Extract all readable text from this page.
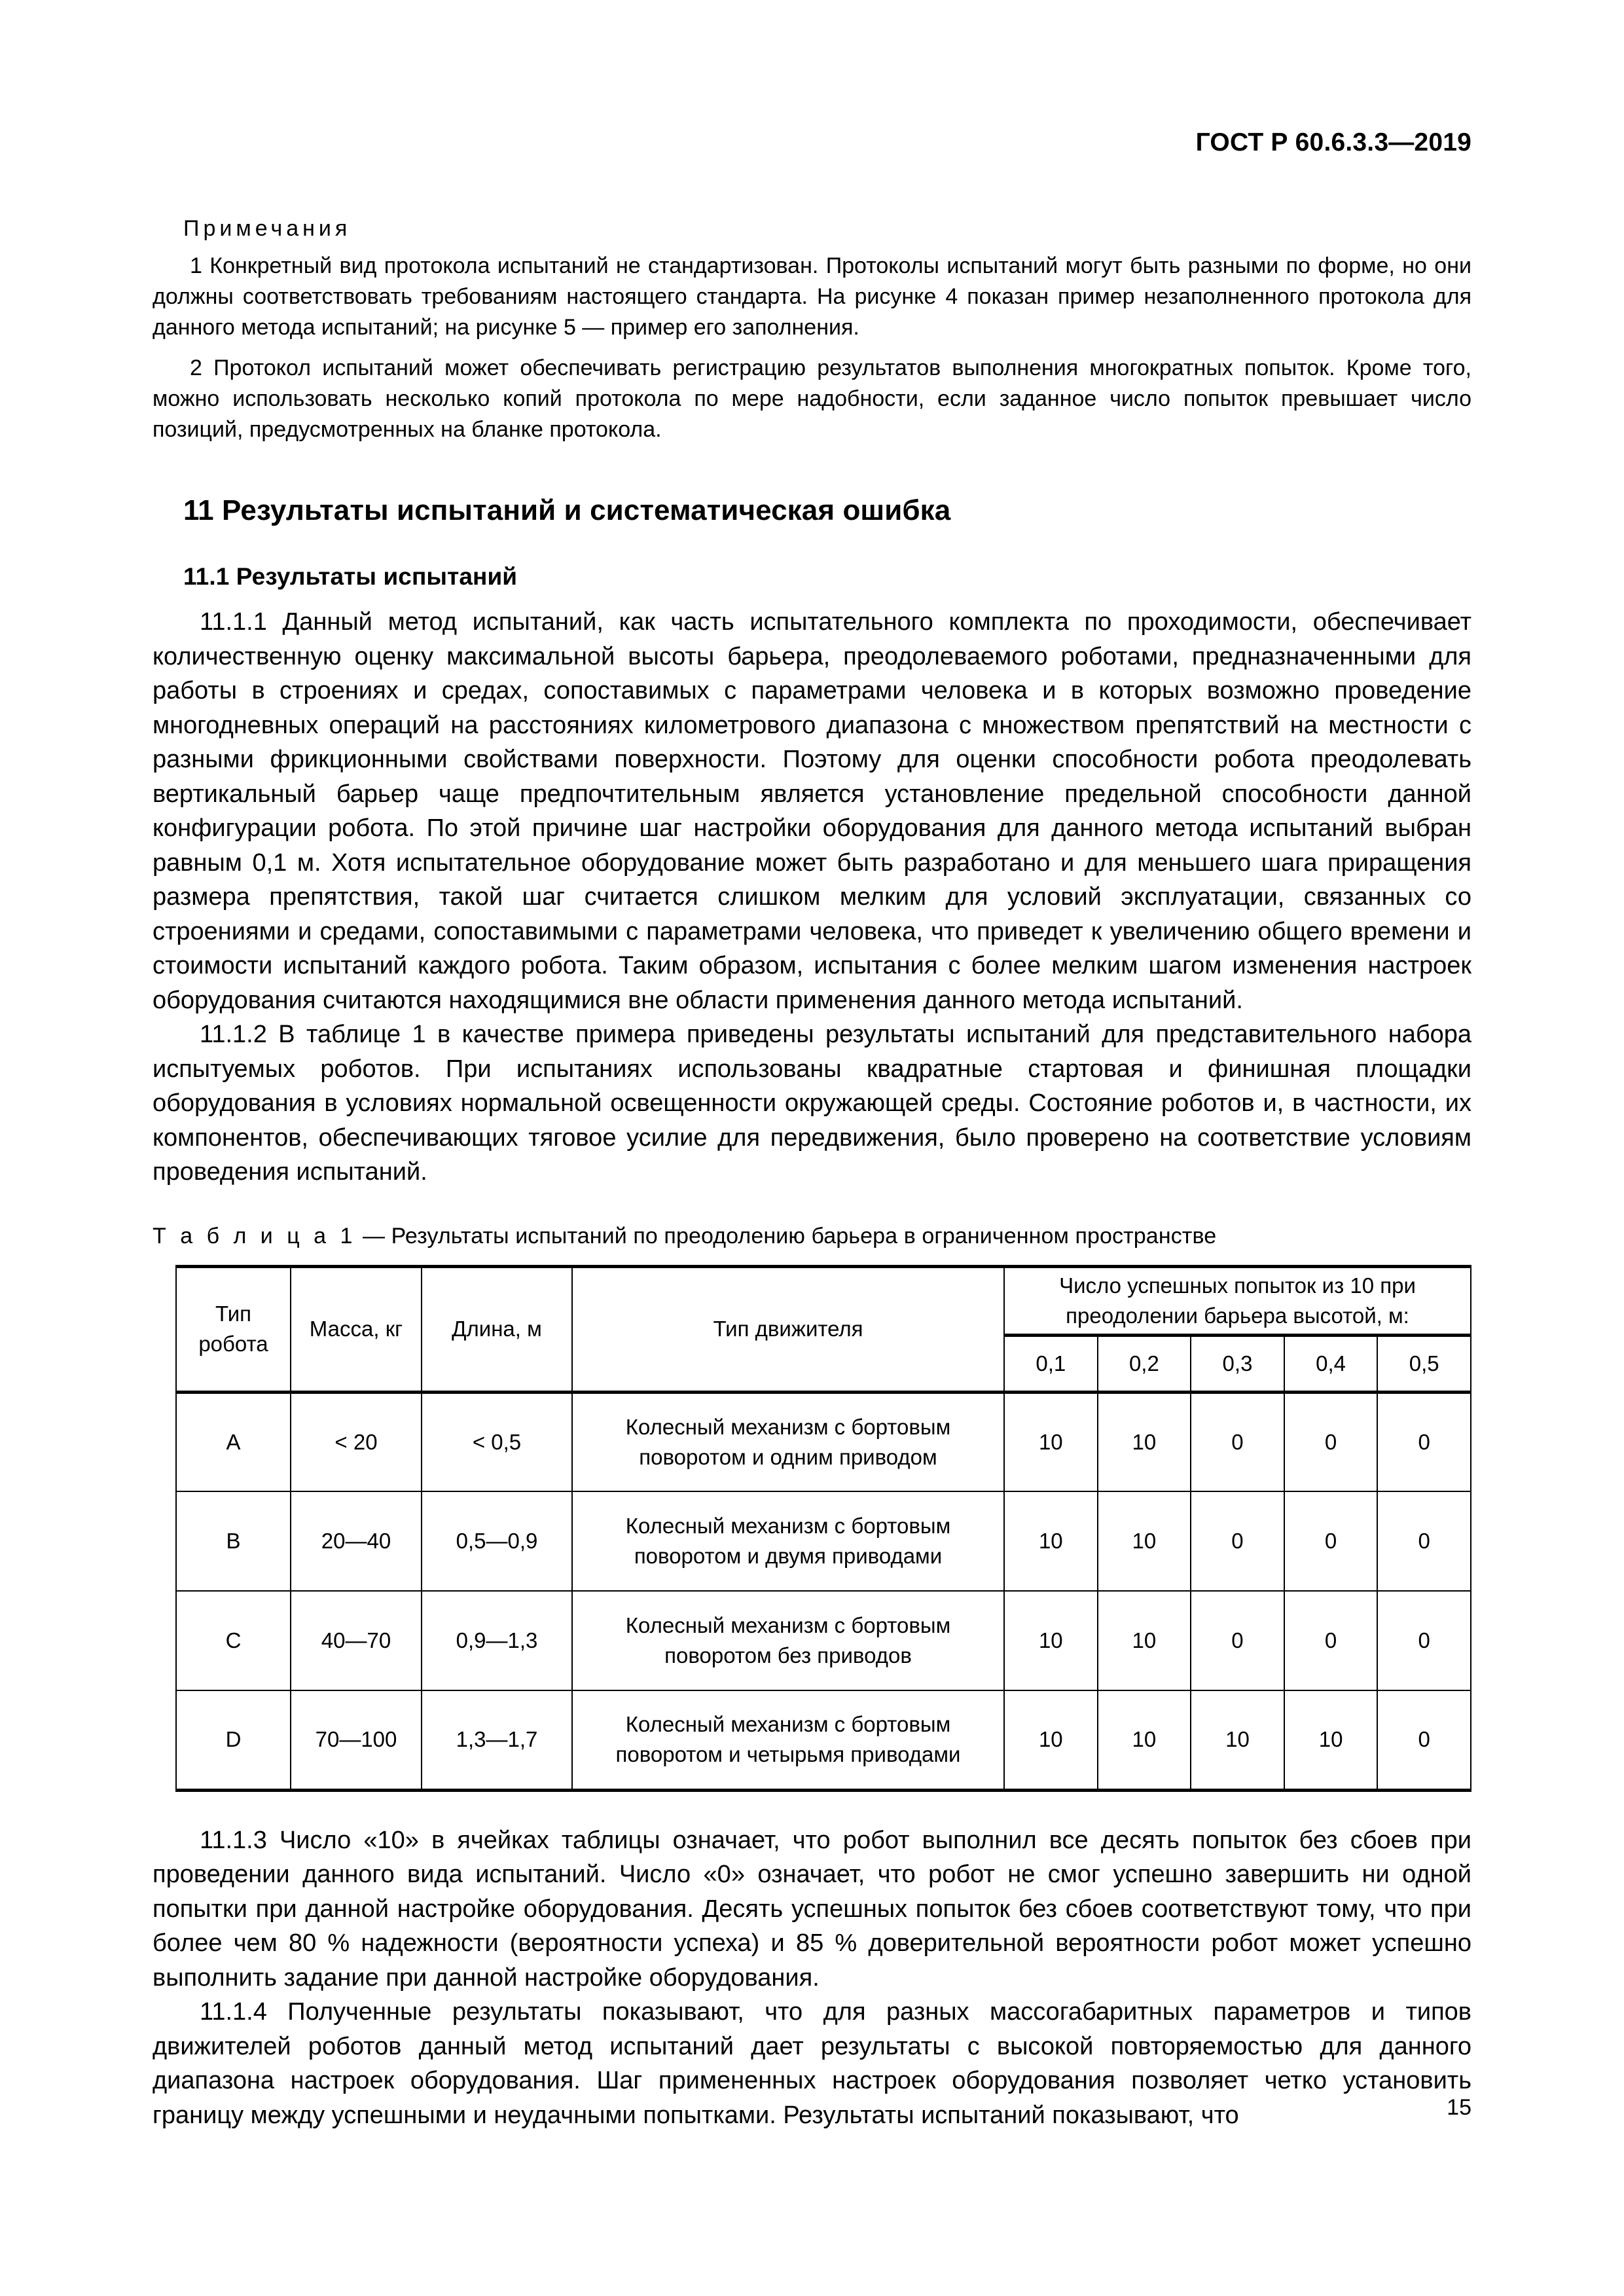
ГОСТ Р 60.6.3.3—2019
Примечания

1 Конкретный вид протокола испытаний не стандартизован. Протоколы испытаний могут быть разными по форме, но они должны соответствовать требованиям настоящего стандарта. На рисунке 4 показан пример незаполненного протокола для данного метода испытаний; на рисунке 5 — пример его заполнения.

2 Протокол испытаний может обеспечивать регистрацию результатов выполнения многократных попыток. Кроме того, можно использовать несколько копий протокола по мере надобности, если заданное число попыток превышает число позиций, предусмотренных на бланке протокола.

11 Результаты испытаний и систематическая ошибка
11.1 Результаты испытаний

11.1.1 Данный метод испытаний, как часть испытательного комплекта по проходимости, обеспечивает количественную оценку максимальной высоты барьера, преодолеваемого роботами, предназначенными для работы в строениях и средах, сопоставимых с параметрами человека и в которых возможно проведение многодневных операций на расстояниях километрового диапазона с множеством препятствий на местности с разными фрикционными свойствами поверхности. Поэтому для оценки способности робота преодолевать вертикальный барьер чаще предпочтительным является установление предельной способности данной конфигурации робота. По этой причине шаг настройки оборудования для данного метода испытаний выбран равным 0,1 м. Хотя испытательное оборудование может быть разработано и для меньшего шага приращения размера препятствия, такой шаг считается слишком мелким для условий эксплуатации, связанных со строениями и средами, сопоставимыми с параметрами человека, что приведет к увеличению общего времени и стоимости испытаний каждого робота. Таким образом, испытания с более мелким шагом изменения настроек оборудования считаются находящимися вне области применения данного метода испытаний.

11.1.2 В таблице 1 в качестве примера приведены результаты испытаний для представительного набора испытуемых роботов. При испытаниях использованы квадратные стартовая и финишная площадки оборудования в условиях нормальной освещенности окружающей среды. Состояние роботов и, в частности, их компонентов, обеспечивающих тяговое усилие для передвижения, было проверено на соответствие условиям проведения испытаний.

Т а б л и ц а 1 — Результаты испытаний по преодолению барьера в ограниченном пространстве
Тип
робота	Масса, кг	Длина, м	Тип движителя	Число успешных попыток из 10 при
преодолении барьера высотой, м:				
				0,1	0,2	0,3	0,4	0,5
A	< 20	< 0,5	Колесный механизм с бортовым
поворотом и одним приводом	10	10	0	0	0
B	20—40	0,5—0,9	Колесный механизм с бортовым
поворотом и двумя приводами	10	10	0	0	0
C	40—70	0,9—1,3	Колесный механизм с бортовым
поворотом без приводов	10	10	0	0	0
D	70—100	1,3—1,7	Колесный механизм с бортовым
поворотом и четырьмя приводами	10	10	10	10	0

11.1.3 Число «10» в ячейках таблицы означает, что робот выполнил все десять попыток без сбоев при проведении данного вида испытаний. Число «0» означает, что робот не смог успешно завершить ни одной попытки при данной настройке оборудования. Десять успешных попыток без сбоев соответствуют тому, что при более чем 80 % надежности (вероятности успеха) и 85 % доверительной вероятности робот может успешно выполнить задание при данной настройке оборудования.

11.1.4 Полученные результаты показывают, что для разных массогабаритных параметров и типов движителей роботов данный метод испытаний дает результаты с высокой повторяемостью для данного диапазона настроек оборудования. Шаг примененных настроек оборудования позволяет четко установить границу между успешными и неудачными попытками. Результаты испытаний показывают, что	15
